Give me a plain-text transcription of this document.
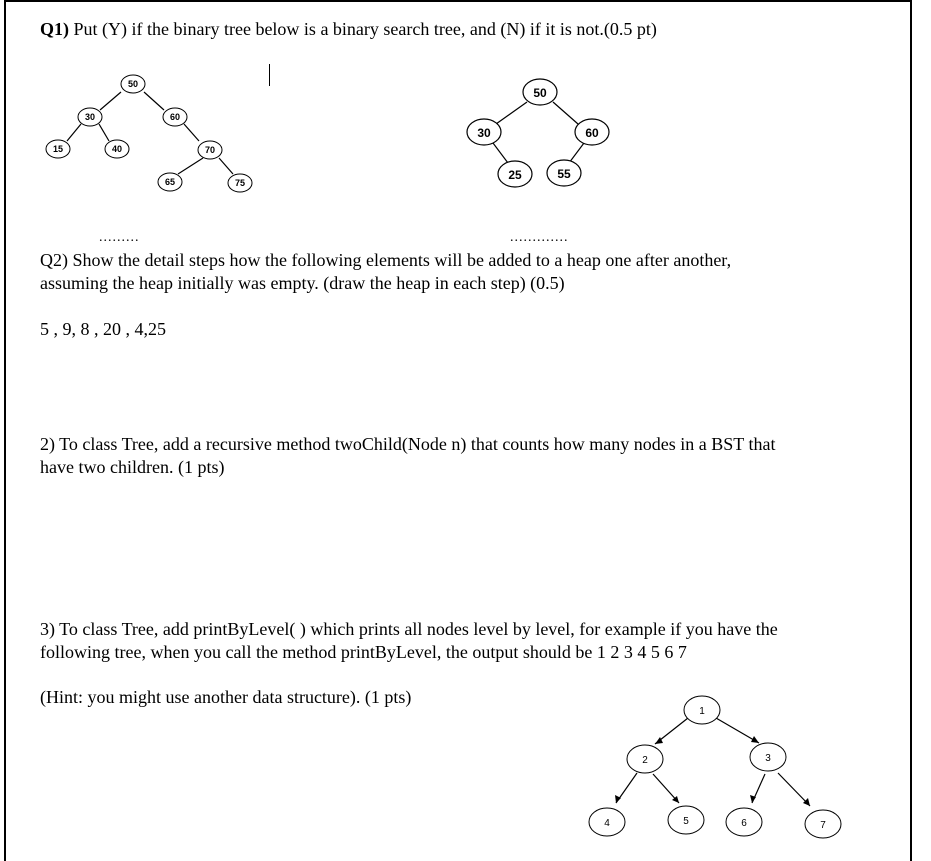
Q1) Put (Y) if the binary tree below is a binary search tree, and (N) if it is not.(0.5 pt)
50
30	60
15	40	70
65	75
50
30	60
25	55
1
2	3
4	5	6	7
.........	.............
Q2) Show the detail steps how the following elements will be added to a heap one after another,
assuming the heap initially was empty. (draw the heap in each step) (0.5)
5 , 9, 8 , 20 , 4,25
2) To class Tree, add a recursive method twoChild(Node n) that counts how many nodes in a BST that
have two children. (1 pts)
3) To class Tree, add printByLevel( ) which prints all nodes level by level, for example if you have the
following tree, when you call the method printByLevel, the output should be 1 2 3 4 5 6 7
(Hint: you might use another data structure). (1 pts)
